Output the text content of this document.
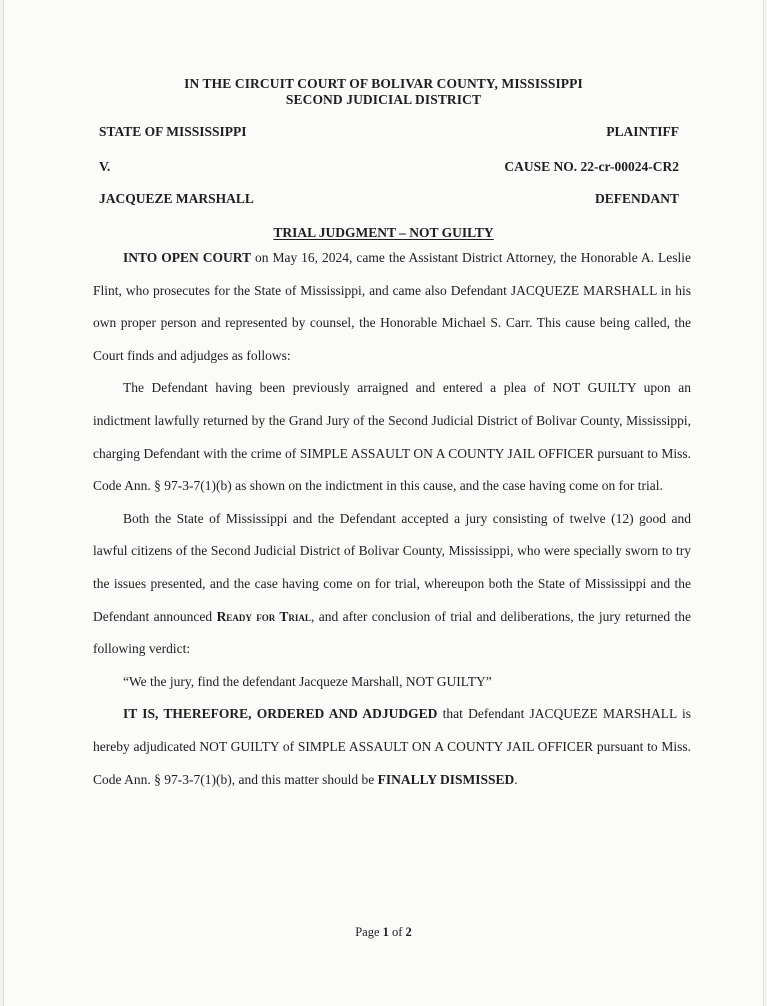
IN THE CIRCUIT COURT OF BOLIVAR COUNTY, MISSISSIPPI
SECOND JUDICIAL DISTRICT
STATE OF MISSISSIPPI	PLAINTIFF
V.	CAUSE NO. 22-cr-00024-CR2
JACQUEZE MARSHALL	DEFENDANT
TRIAL JUDGMENT – NOT GUILTY

INTO OPEN COURT on May 16, 2024, came the Assistant District Attorney, the Honorable A. Leslie Flint, who prosecutes for the State of Mississippi, and came also Defendant JACQUEZE MARSHALL in his own proper person and represented by counsel, the Honorable Michael S. Carr. This cause being called, the Court finds and adjudges as follows:

The Defendant having been previously arraigned and entered a plea of NOT GUILTY upon an indictment lawfully returned by the Grand Jury of the Second Judicial District of Bolivar County, Mississippi, charging Defendant with the crime of SIMPLE ASSAULT ON A COUNTY JAIL OFFICER pursuant to Miss. Code Ann. § 97-3-7(1)(b) as shown on the indictment in this cause, and the case having come on for trial.

Both the State of Mississippi and the Defendant accepted a jury consisting of twelve (12) good and lawful citizens of the Second Judicial District of Bolivar County, Mississippi, who were specially sworn to try the issues presented, and the case having come on for trial, whereupon both the State of Mississippi and the Defendant announced Ready for Trial, and after conclusion of trial and deliberations, the jury returned the following verdict:

“We the jury, find the defendant Jacqueze Marshall, NOT GUILTY”

IT IS, THEREFORE, ORDERED AND ADJUDGED that Defendant JACQUEZE MARSHALL is hereby adjudicated NOT GUILTY of SIMPLE ASSAULT ON A COUNTY JAIL OFFICER pursuant to Miss. Code Ann. § 97-3-7(1)(b), and this matter should be FINALLY DISMISSED.

Page 1 of 2
